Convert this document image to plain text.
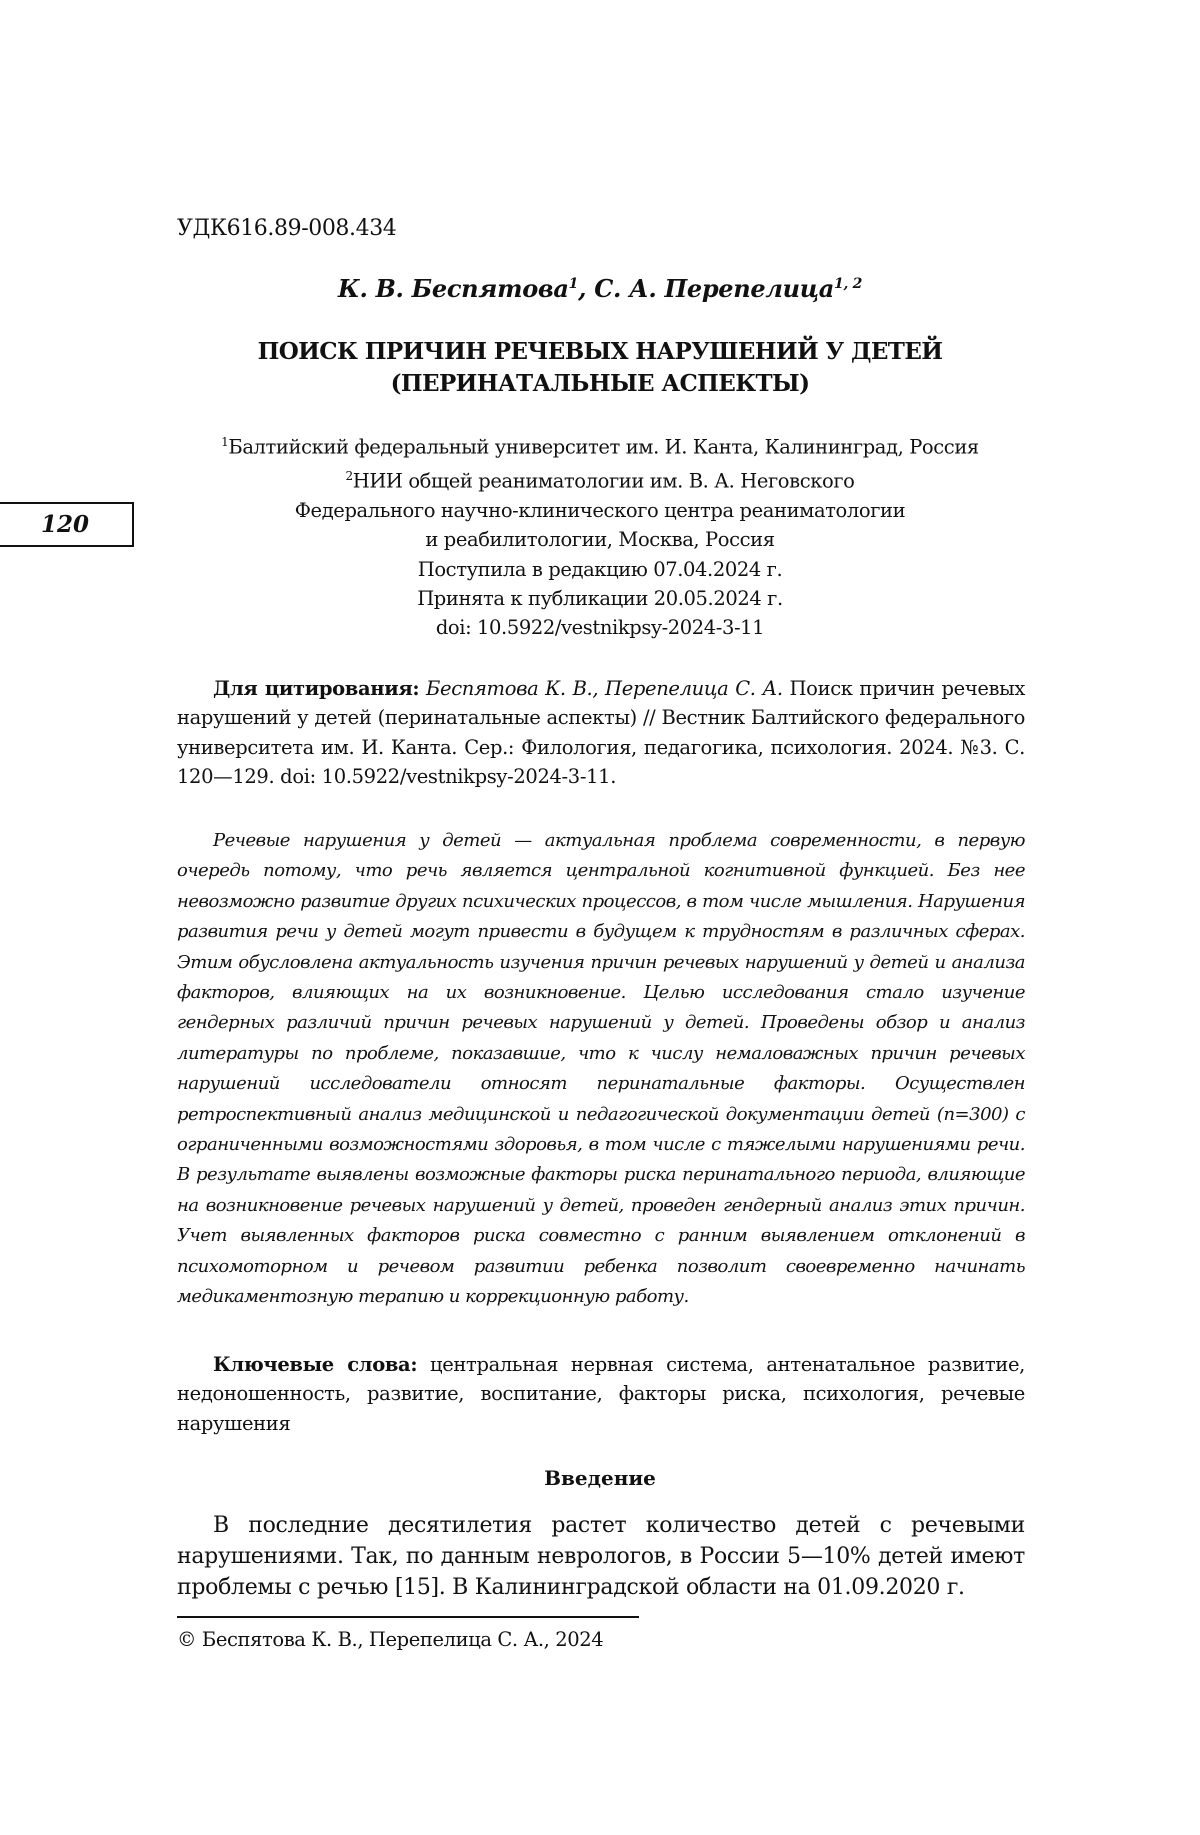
УДК616.89-008.434
К. В. Беспятова$^1$, С. А. Перепелица$^{1, 2}$
ПОИСК ПРИЧИН РЕЧЕВЫХ НАРУШЕНИЙ У ДЕТЕЙ
(ПЕРИНАТАЛЬНЫЕ АСПЕКТЫ)
$^1$Балтийский федеральный университет им. И. Канта, Калининград, Россия
$^2$НИИ общей реаниматологии им. В. А. Неговского
Федерального научно-клинического центра реаниматологии
и реабилитологии, Москва, Россия
Поступила в редакцию 07.04.2024 г.
Принята к публикации 20.05.2024 г.
doi: 10.5922/vestnikpsy-2024-3-11
120

Для цитирования: Беспятова К. В., Перепелица С. А. Поиск причин речевых нарушений у детей (перинатальные аспекты) // Вестник Балтийского федерального университета им. И. Канта. Сер.: Филология, педагогика, психология. 2024. №3. С. 120—129. doi: 10.5922/vestnikpsy-2024-3-11.

Речевые нарушения у детей — актуальная проблема современности, в первую очередь потому, что речь является центральной когнитивной функцией. Без нее невозможно развитие других психических процессов, в том числе мышления. Нарушения развития речи у детей могут привести в будущем к трудностям в различных сферах. Этим обусловлена актуальность изучения причин речевых нарушений у детей и анализа факторов, влияющих на их возникновение. Целью исследования стало изучение гендерных различий причин речевых нарушений у детей. Проведены обзор и анализ литературы по проблеме, показавшие, что к числу немаловажных причин речевых нарушений исследователи относят перинатальные факторы. Осуществлен ретроспективный анализ медицинской и педагогической документации детей (n=300) с ограниченными возможностями здоровья, в том числе с тяжелыми нарушениями речи. В результате выявлены возможные факторы риска перинатального периода, влияющие на возникновение речевых нарушений у детей, проведен гендерный анализ этих причин. Учет выявленных факторов риска совместно с ранним выявлением отклонений в психомоторном и речевом развитии ребенка позволит своевременно начинать медикаментозную терапию и коррекционную работу.

Ключевые слова: центральная нервная система, антенатальное развитие, недоношенность, развитие, воспитание, факторы риска, психология, речевые нарушения

Введение

В последние десятилетия растет количество детей с речевыми нарушениями. Так, по данным неврологов, в России 5—10% детей имеют проблемы с речью [15]. В Калининградской области на 01.09.2020 г.

© Беспятова К. В., Перепелица С. А., 2024
